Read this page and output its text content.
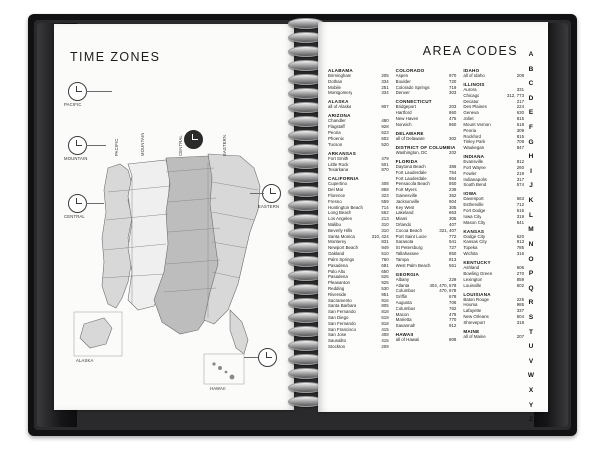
TIME ZONES
PACIFIC	MOUNTAIN	CENTRAL	EASTERN
ALASKA
HAWAII
PACIFIC
MOUNTAIN
CENTRAL
EASTERN
AREA CODES
ALABAMA
Birmingham	205
Dothan	334
Mobile	251
Montgomery	334
ALASKA
all of Alaska	907
ARIZONA
Chandler	480
Flagstaff	928
Peoria	623
Phoenix	602
Tucson	520
ARKANSAS
Fort Smith	479
Little Rock	501
Texarkana	870
CALIFORNIA
Cupertino	408
Del Mar	858
Florence	323
Fresno	559
Huntington Beach	714
Long Beach	562
Los Angeles	213
Malibu	310
Beverly Hills	310
Santa Monica	310, 424
Monterey	831
Newport Beach	949
Oakland	510
Palm Springs	760
Pasadena	681
Palo Alto	650
Pasadena	626
Pleasanton	925
Redding	530
Riverside	951
Sacramento	916
Santa Barbara	805
San Fernando	818
San Diego	619
San Fernando	818
San Francisco	415
San Jose	408
Sausalito	415
Stockton	209
COLORADO
Aspen	970
Boulder	720
Colorado Springs	719
Denver	303
CONNECTICUT
Bridgeport	203
Hartford	860
New Haven	475
Norwich	860
DELAWARE
all of Delaware	302
DISTRICT OF COLUMBIA
Washington, DC	202
FLORIDA
Daytona Beach	386
Fort Lauderdale	754
Fort Lauderdale	954
Pensacola Beach	850
Fort Myers	239
Gainesville	352
Jacksonville	904
Key West	305
Lakeland	863
Miami	305
Orlando	407
Cocoa Beach	321, 407
Port Saint Lucie	772
Sarasota	941
St Petersburg	727
Tallahassee	850
Tampa	813
West Palm Beach	561
GEORGIA
Albany	229
Atlanta	404, 470, 678
Columbus	470, 678
Griffin	678
Augusta	706
Columbus	762
Macon	478
Marietta	770
Savannah	912
HAWAII
all of Hawaii	808
IDAHO
all of Idaho	208
ILLINOIS
Aurora	331
Chicago	312, 773
Decatur	217
Des Plaines	224
Geneva	630
Joliet	815
Mount Vernon	618
Peoria	309
Rockford	815
Tinley Park	708
Waukegan	847
INDIANA
Evansville	812
Fort Wayne	260
Fowler	219
Indianapolis	317
South Bend	574
IOWA
Davenport	563
Estherville	712
Fort Dodge	515
Iowa City	319
Mason City	641
KANSAS
Dodge City	620
Kansas City	913
Topeka	785
Wichita	316
KENTUCKY
Ashland	606
Bowling Green	270
Lexington	859
Louisville	502
LOUISIANA
Baton Rouge	225
Houma	985
Lafayette	337
New Orleans	504
Shreveport	318
MAINE
all of Maine	207
A
B
C
D
E
F
G
H
I
J
K
L
M
N
O
P
Q
R
S
T
U
V
W
X
Y
Z
